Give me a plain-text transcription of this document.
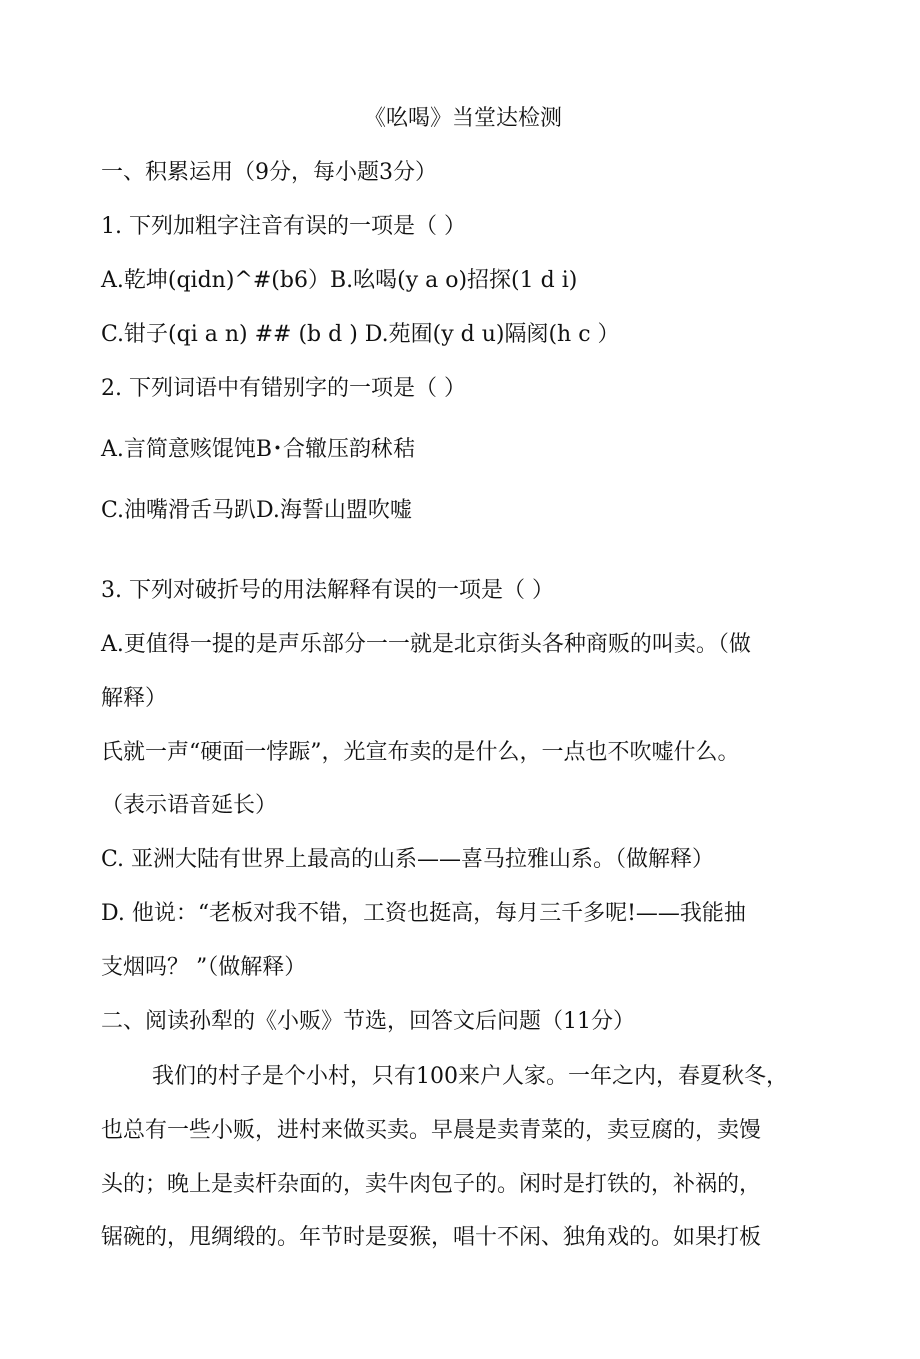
《吆喝》当堂达检测
一、积累运用（9分，每小题3分）
1. 下列加粗字注音有误的一项是（ ）
A.乾坤(qidn)^#(b6）B.吆喝(y a o)招探(1 d i)
C.钳子(qi a n) ## (b d ) D.苑囿(y d u)隔阂(h c ）
2. 下列词语中有错别字的一项是（ ）
A.言简意赅馄饨B･合辙压韵秫秸
C.油嘴滑舌马趴D.海誓山盟吹嘘
3. 下列对破折号的用法解释有误的一项是（ ）
A.更值得一提的是声乐部分一一就是北京街头各种商贩的叫卖。（做
解释）
氏就一声“硬面一悖䟴”，光宣布卖的是什么，一点也不吹嘘什么。
（表示语音延长）
C. 亚洲大陆有世界上最高的山系——喜马拉雅山系。（做解释）
D. 他说：“老板对我不错，工资也挺高，每月三千多呢!——我能抽
支烟吗？ ”（做解释）
二、阅读孙犁的《小贩》节选，回答文后问题（11分）
我们的村子是个小村，只有100来户人家。一年之内，春夏秋冬，
也总有一些小贩，进村来做买卖。早晨是卖青菜的，卖豆腐的，卖馒
头的；晚上是卖杆杂面的，卖牛肉包子的。闲时是打铁的，补祸的，
锯碗的，甩绸缎的。年节时是耍猴，唱十不闲、独角戏的。如果打板
